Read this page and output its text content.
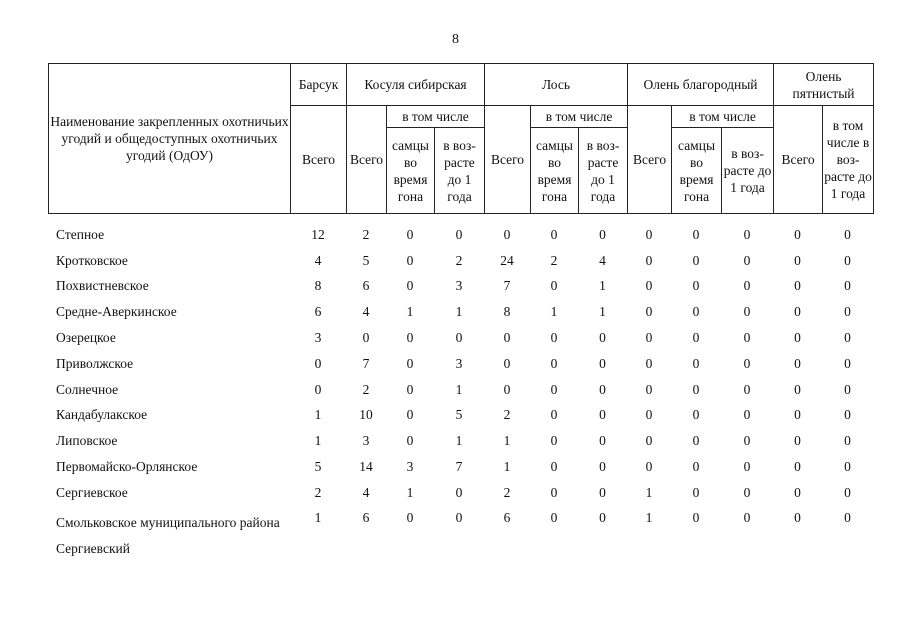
8
Наименование закрепленных охотничьих угодий и общедоступных охотничьих угодий (ОдОУ)	Барсук	Косуля сибирская			Лось			Олень благородный			Олень пятнистый	
	Всего	Всего	в том числе		Всего	в том числе		Всего	в том числе		Всего	в том числе в воз-расте до 1 года
			самцы во время гона	в воз-расте до 1 года		самцы во время гона	в воз-расте до 1 года		самцы во время гона	в воз-расте до 1 года		
Степное	12	2	0	0	0	0	0	0	0	0	0	0
Кротковское	4	5	0	2	24	2	4	0	0	0	0	0
Похвистневское	8	6	0	3	7	0	1	0	0	0	0	0
Средне-Аверкинское	6	4	1	1	8	1	1	0	0	0	0	0
Озерецкое	3	0	0	0	0	0	0	0	0	0	0	0
Приволжское	0	7	0	3	0	0	0	0	0	0	0	0
Солнечное	0	2	0	1	0	0	0	0	0	0	0	0
Кандабулакское	1	10	0	5	2	0	0	0	0	0	0	0
Липовское	1	3	0	1	1	0	0	0	0	0	0	0
Первомайско-Орлянское	5	14	3	7	1	0	0	0	0	0	0	0
Сергиевское	2	4	1	0	2	0	0	1	0	0	0	0
Смольковское муниципального района Сергиевский	1	6	0	0	6	0	0	1	0	0	0	0
